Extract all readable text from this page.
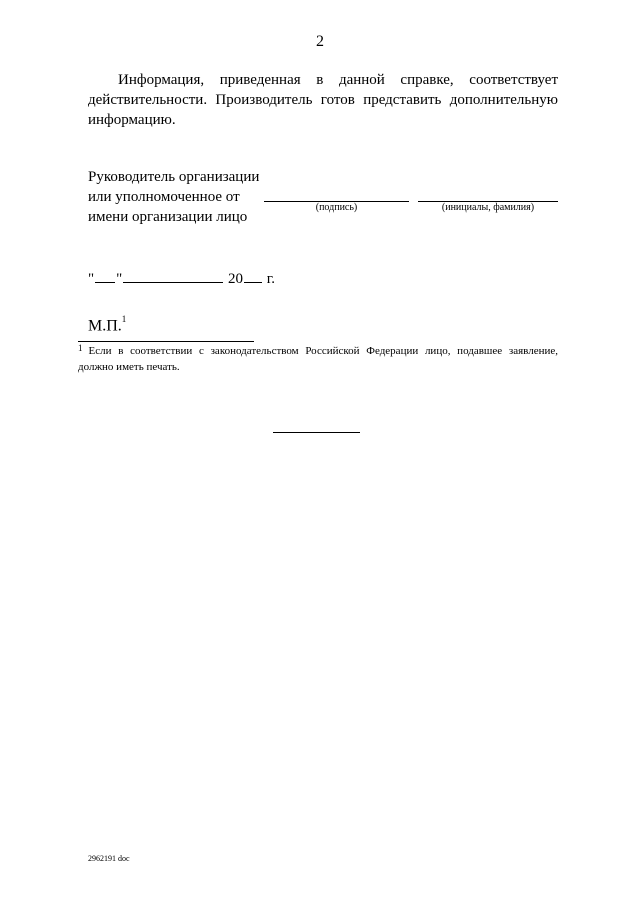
2
Информация, приведенная в данной справке, соответствует действительности. Производитель готов представить дополнительную информацию.
Руководитель организации
или уполномоченное от
имени организации лицо
(подпись)	(инициалы, фамилия)
" "	20 г.
М.П.$^1$
$^1$ Если в соответствии с законодательством Российской Федерации лицо, подавшее заявление, должно иметь печать.
2962191 doc
